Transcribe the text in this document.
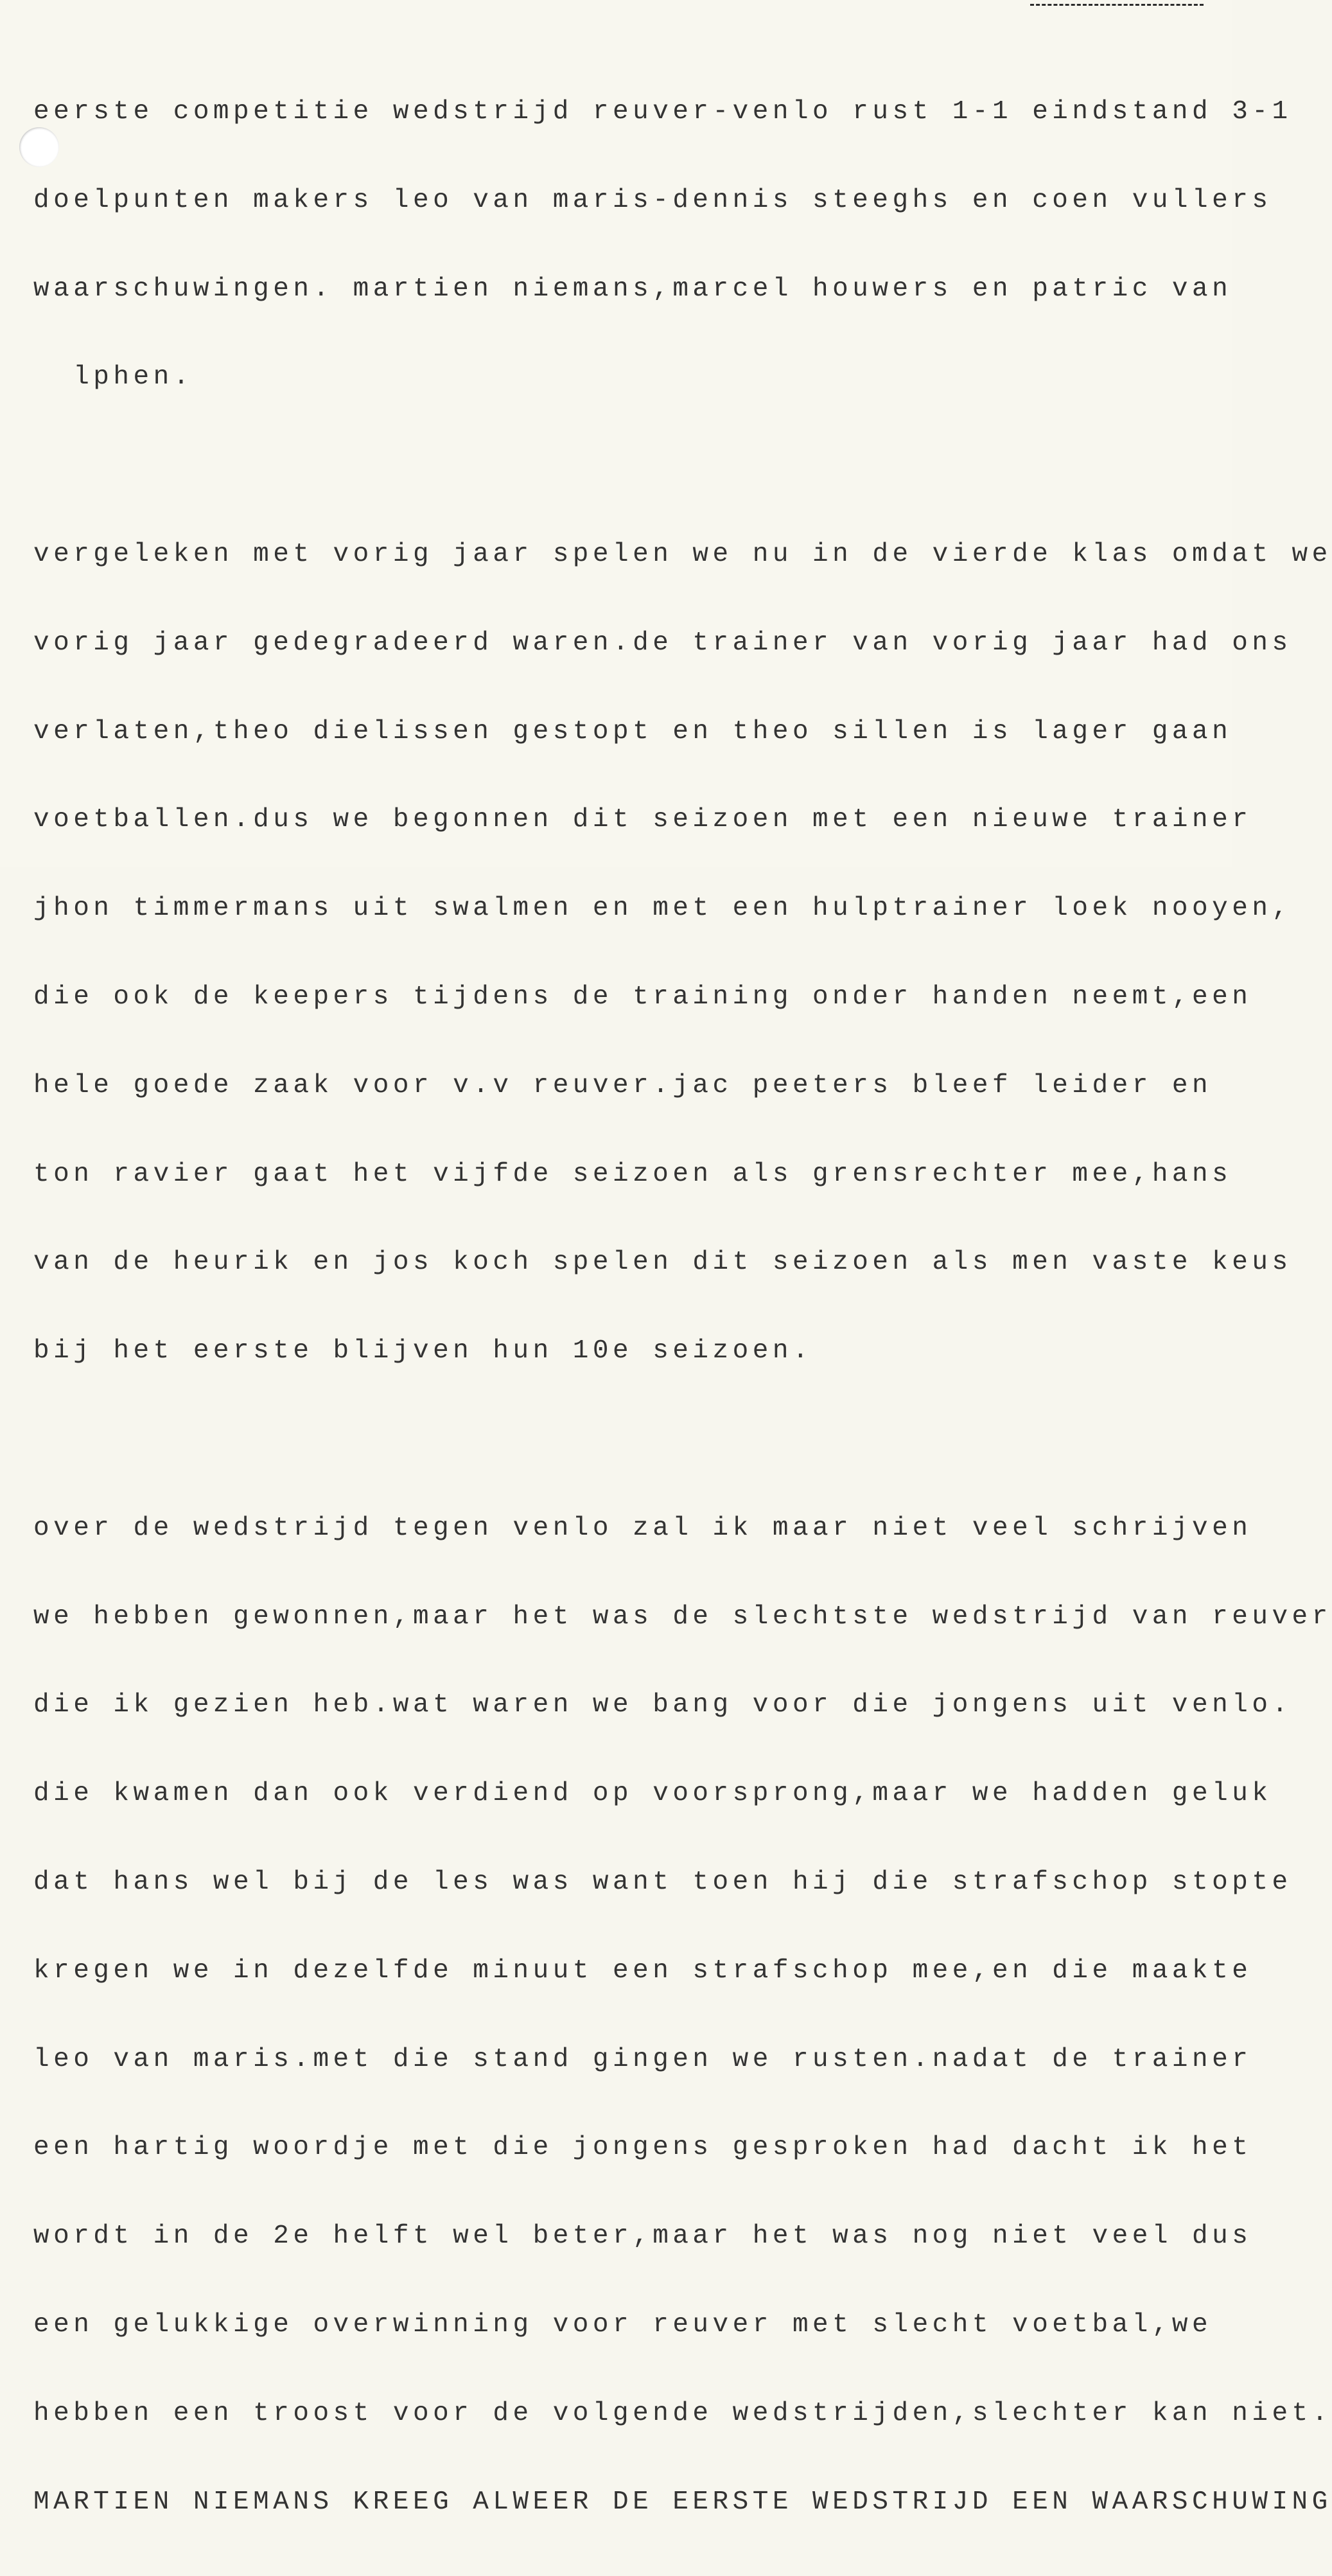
eerste competitie wedstrijd reuver-venlo rust 1-1 eindstand 3-1

doelpunten makers leo van maris-dennis steeghs en coen vullers

waarschuwingen. martien niemans,marcel houwers en patric van

lphen.

vergeleken met vorig jaar spelen we nu in de vierde klas omdat we

vorig jaar gedegradeerd waren.de trainer van vorig jaar had ons

verlaten,theo dielissen gestopt en theo sillen is lager gaan

voetballen.dus we begonnen dit seizoen met een nieuwe trainer

jhon timmermans uit swalmen en met een hulptrainer loek nooyen,

die ook de keepers tijdens de training onder handen neemt,een

hele goede zaak voor v.v reuver.jac peeters bleef leider en

ton ravier gaat het vijfde seizoen als grensrechter mee,hans

van de heurik en jos koch spelen dit seizoen als men vaste keus

bij het eerste blijven hun 10e seizoen.

over de wedstrijd tegen venlo zal ik maar niet veel schrijven

we hebben gewonnen,maar het was de slechtste wedstrijd van reuver

die ik gezien heb.wat waren we bang voor die jongens uit venlo.

die kwamen dan ook verdiend op voorsprong,maar we hadden geluk

dat hans wel bij de les was want toen hij die strafschop stopte

kregen we in dezelfde minuut een strafschop mee,en die maakte

leo van maris.met die stand gingen we rusten.nadat de trainer

een hartig woordje met die jongens gesproken had dacht ik het

wordt in de 2e helft wel beter,maar het was nog niet veel dus

een gelukkige overwinning voor reuver met slecht voetbal,we

hebben een troost voor de volgende wedstrijden,slechter kan niet.

MARTIEN NIEMANS KREEG ALWEER DE EERSTE WEDSTRIJD EEN WAARSCHUWING
